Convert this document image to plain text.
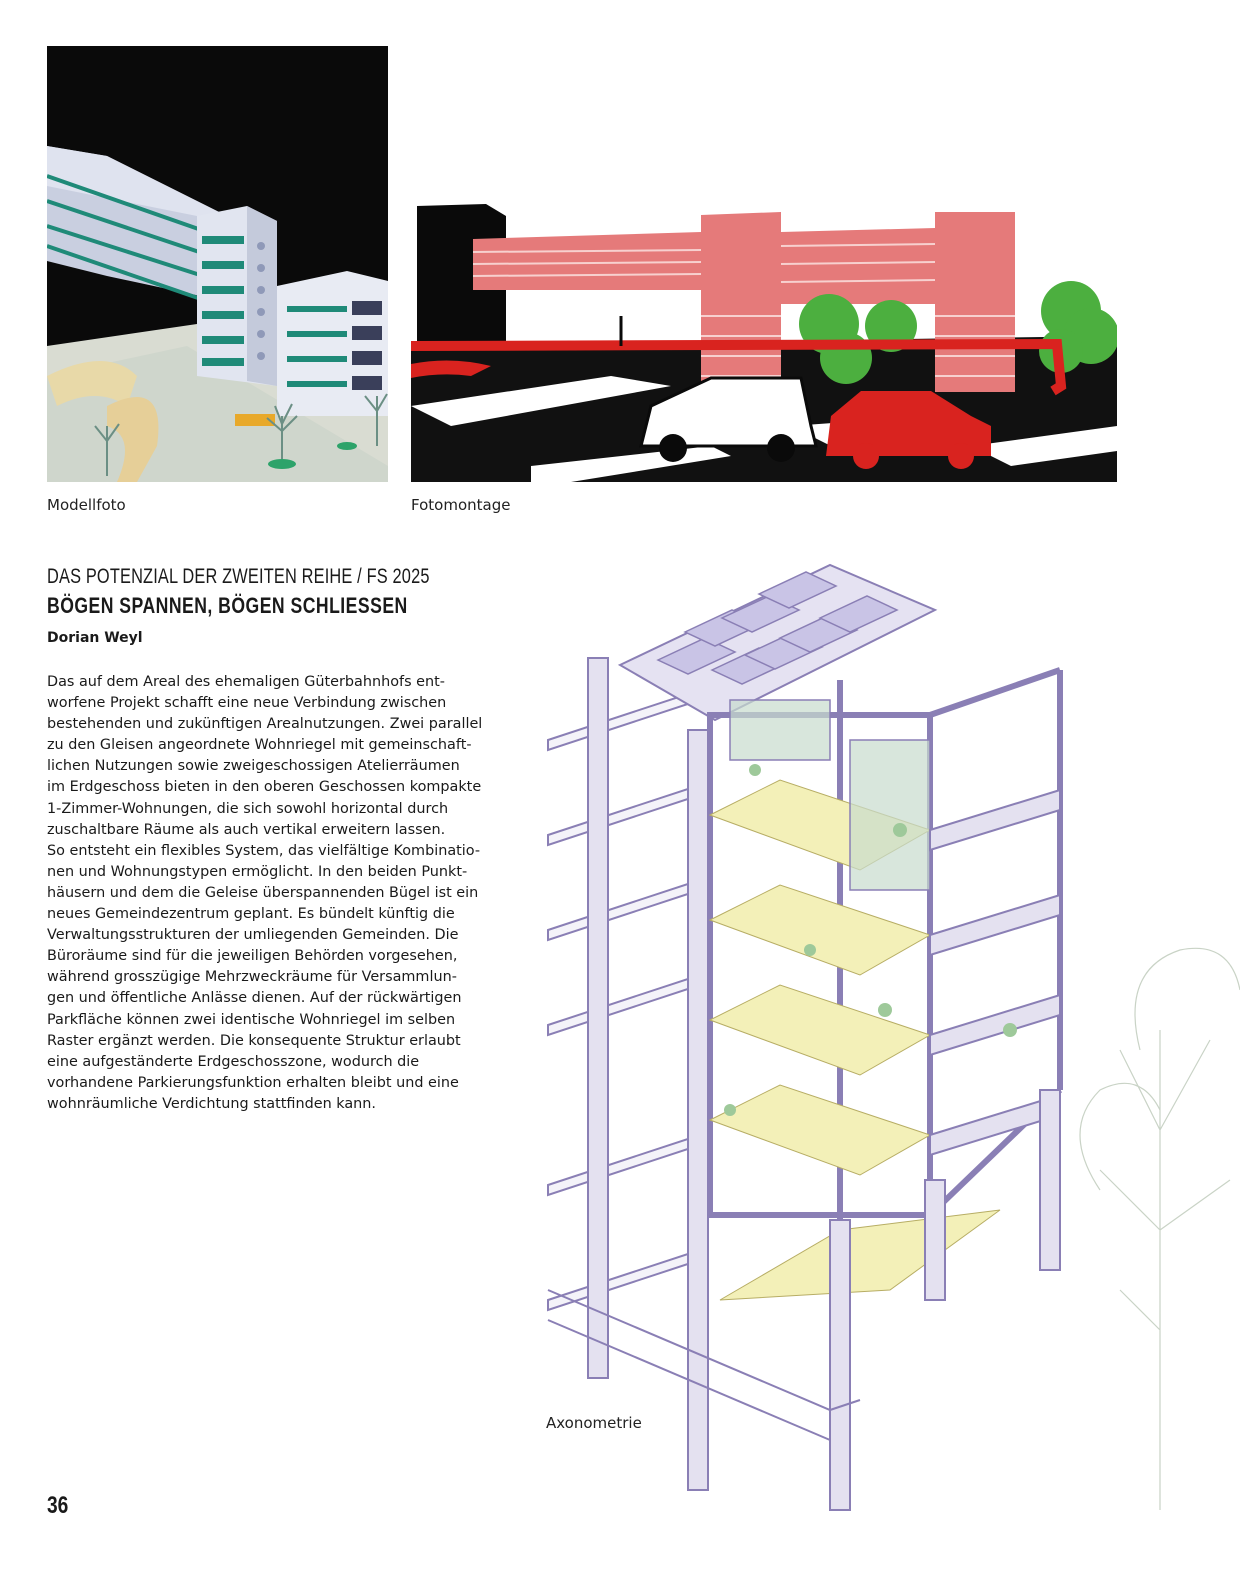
Modellfoto	Fotomontage
Axonometrie
DAS POTENZIAL DER ZWEITEN REIHE / FS 2025
BÖGEN SPANNEN, BÖGEN SCHLIESSEN
Dorian Weyl
Das auf dem Areal des ehemaligen Güterbahnhofs ent-
worfene Projekt schafft eine neue Verbindung zwischen
bestehenden und zukünftigen Arealnutzungen. Zwei parallel
zu den Gleisen angeordnete Wohnriegel mit gemeinschaft-
lichen Nutzungen sowie zweigeschossigen Atelierräumen
im Erdgeschoss bieten in den oberen Geschossen kompakte
1-Zimmer-Wohnungen, die sich sowohl horizontal durch
zuschaltbare Räume als auch vertikal erweitern lassen.
So entsteht ein flexibles System, das vielfältige Kombinatio-
nen und Wohnungstypen ermöglicht. In den beiden Punkt-
häusern und dem die Geleise überspannenden Bügel ist ein
neues Gemeindezentrum geplant. Es bündelt künftig die
Verwaltungsstrukturen der umliegenden Gemeinden. Die
Büroräume sind für die jeweiligen Behörden vorgesehen,
während grosszügige Mehrzweckräume für Versammlun-
gen und öffentliche Anlässe dienen. Auf der rückwärtigen
Parkfläche können zwei identische Wohnriegel im selben
Raster ergänzt werden. Die konsequente Struktur erlaubt
eine aufgeständerte Erdgeschosszone, wodurch die
vorhandene Parkierungsfunktion erhalten bleibt und eine
wohnräumliche Verdichtung stattfinden kann.
36
